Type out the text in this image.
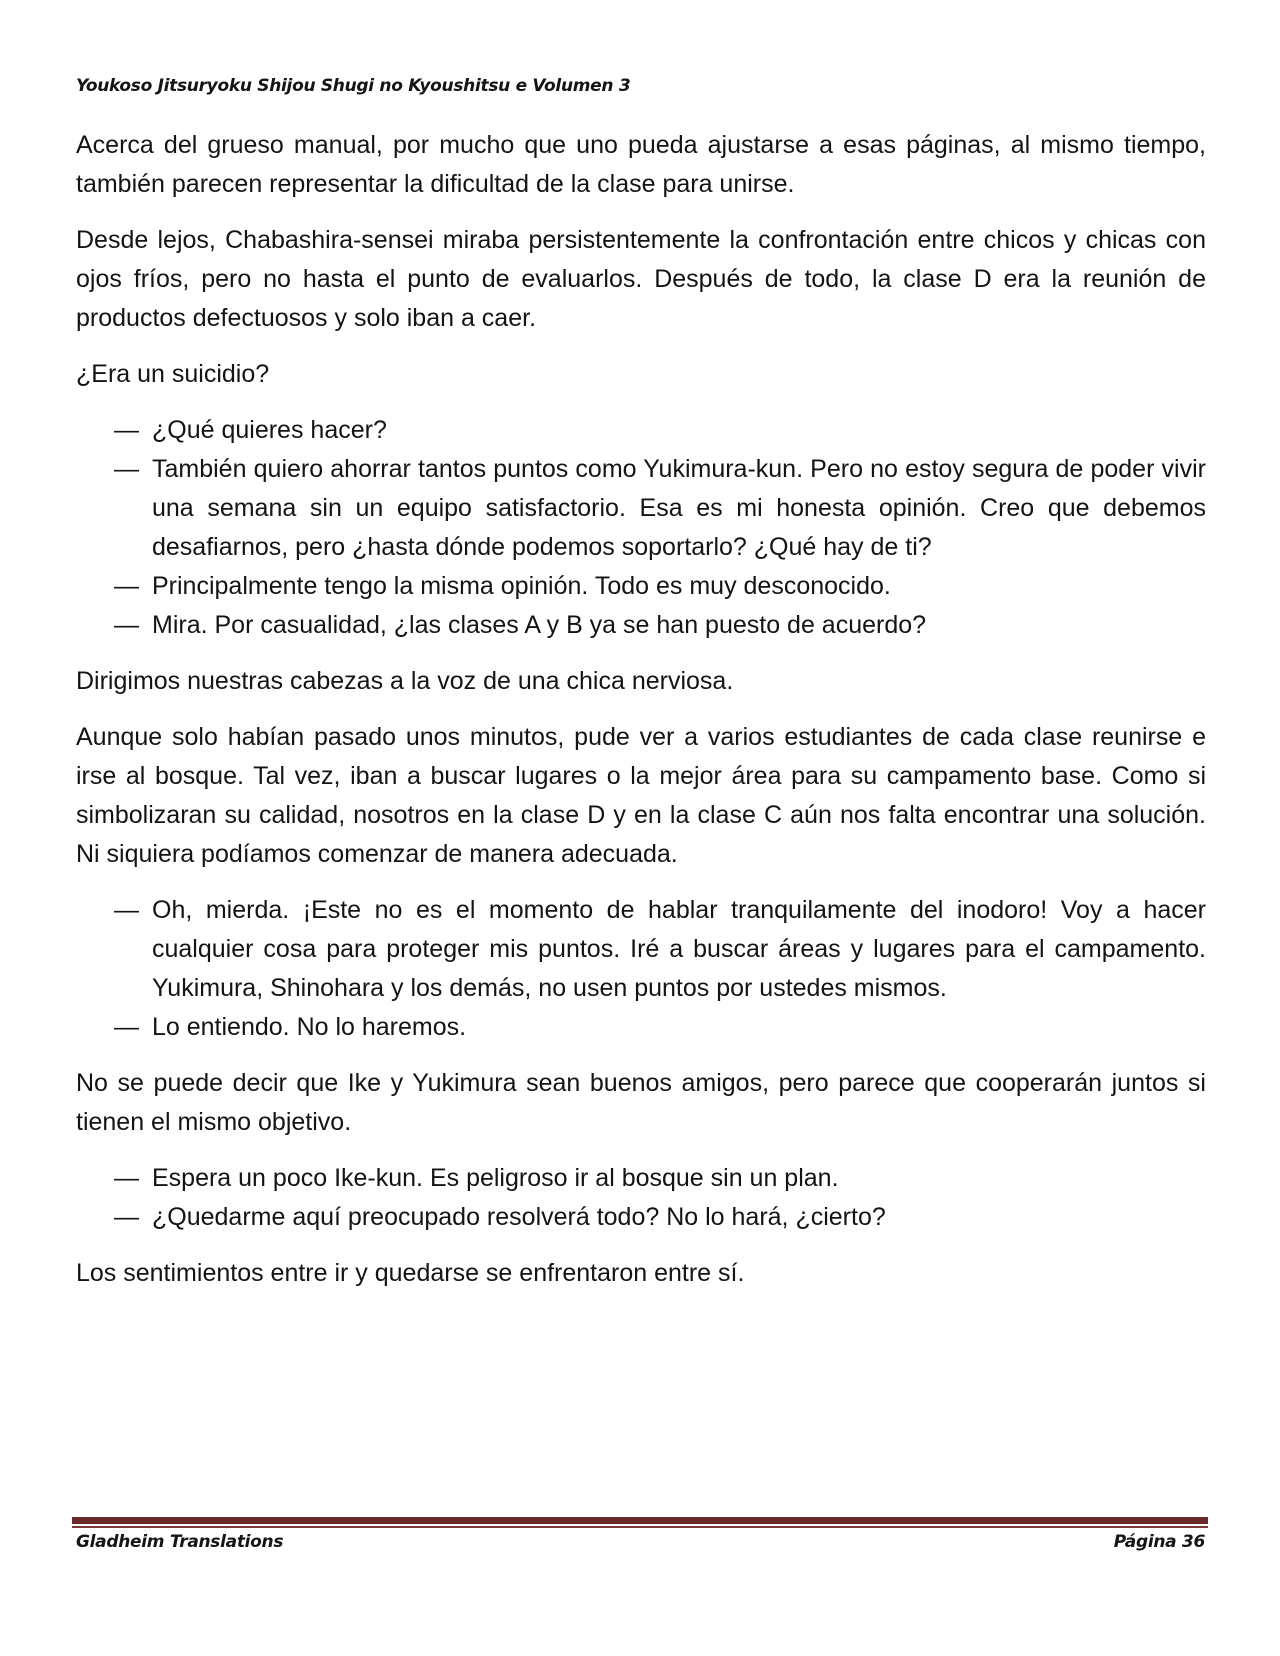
Youkoso Jitsuryoku Shijou Shugi no Kyoushitsu e Volumen 3

Acerca del grueso manual, por mucho que uno pueda ajustarse a esas páginas, al mismo tiempo, también parecen representar la dificultad de la clase para unirse.

Desde lejos, Chabashira-sensei miraba persistentemente la confrontación entre chicos y chicas con ojos fríos, pero no hasta el punto de evaluarlos. Después de todo, la clase D era la reunión de productos defectuosos y solo iban a caer.

¿Era un suicidio?

— ¿Qué quieres hacer?
— También quiero ahorrar tantos puntos como Yukimura-kun. Pero no estoy segura de poder vivir una semana sin un equipo satisfactorio. Esa es mi honesta opinión. Creo que debemos desafiarnos, pero ¿hasta dónde podemos soportarlo? ¿Qué hay de ti?
— Principalmente tengo la misma opinión. Todo es muy desconocido.
— Mira. Por casualidad, ¿las clases A y B ya se han puesto de acuerdo?

Dirigimos nuestras cabezas a la voz de una chica nerviosa.

Aunque solo habían pasado unos minutos, pude ver a varios estudiantes de cada clase reunirse e irse al bosque. Tal vez, iban a buscar lugares o la mejor área para su campamento base. Como si simbolizaran su calidad, nosotros en la clase D y en la clase C aún nos falta encontrar una solución. Ni siquiera podíamos comenzar de manera adecuada.

— Oh, mierda. ¡Este no es el momento de hablar tranquilamente del inodoro! Voy a hacer cualquier cosa para proteger mis puntos. Iré a buscar áreas y lugares para el campamento. Yukimura, Shinohara y los demás, no usen puntos por ustedes mismos.
— Lo entiendo. No lo haremos.

No se puede decir que Ike y Yukimura sean buenos amigos, pero parece que cooperarán juntos si tienen el mismo objetivo.

— Espera un poco Ike-kun. Es peligroso ir al bosque sin un plan.
— ¿Quedarme aquí preocupado resolverá todo? No lo hará, ¿cierto?

Los sentimientos entre ir y quedarse se enfrentaron entre sí.

Gladheim Translations	Página 36
